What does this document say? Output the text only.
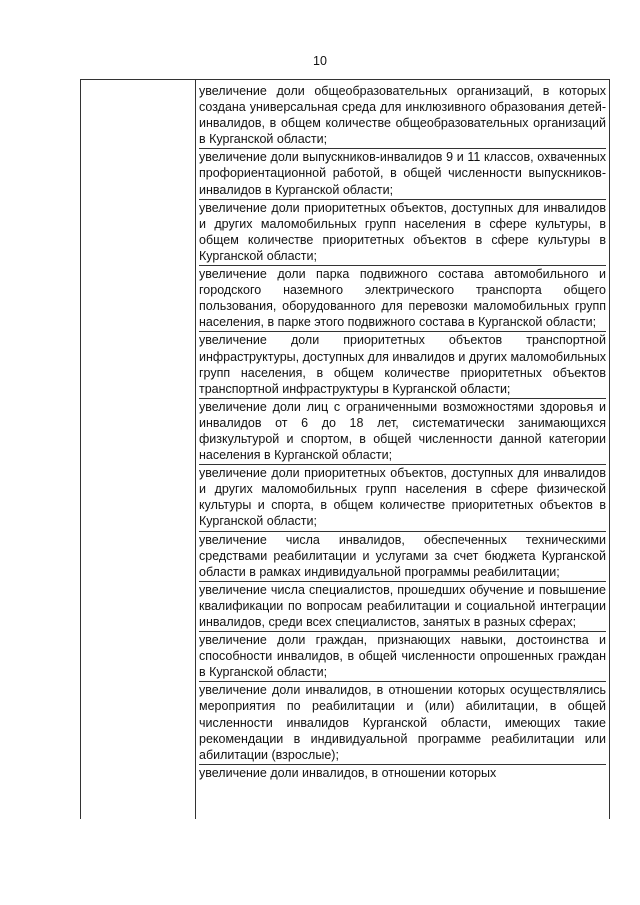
10
увеличение доли общеобразовательных организаций, в которых создана универсальная среда для инклюзивного образования детей-инвалидов, в общем количестве общеобразовательных организаций в Курганской области;
увеличение доли выпускников-инвалидов 9 и 11 классов, охваченных профориентационной работой, в общей численности выпускников-инвалидов в Курганской области;
увеличение доли приоритетных объектов, доступных для инвалидов и других маломобильных групп населения в сфере культуры, в общем количестве приоритетных объектов в сфере культуры в Курганской области;
увеличение доли парка подвижного состава автомобильного и городского наземного электрического транспорта общего пользования, оборудованного для перевозки маломобильных групп населения, в парке этого подвижного состава в Курганской области;
увеличение доли приоритетных объектов транспортной инфраструктуры, доступных для инвалидов и других маломобильных групп населения, в общем количестве приоритетных объектов транспортной инфраструктуры в Курганской области;
увеличение доли лиц с ограниченными возможностями здоровья и инвалидов от 6 до 18 лет, систематически занимающихся физкультурой и спортом, в общей численности данной категории населения в Курганской области;
увеличение доли приоритетных объектов, доступных для инвалидов и других маломобильных групп населения в сфере физической культуры и спорта, в общем количестве приоритетных объектов в Курганской области;
увеличение числа инвалидов, обеспеченных техническими средствами реабилитации и услугами за счет бюджета Курганской области в рамках индивидуальной программы реабилитации;
увеличение числа специалистов, прошедших обучение и повышение квалификации по вопросам реабилитации и социальной интеграции инвалидов, среди всех специалистов, занятых в разных сферах;
увеличение доли граждан, признающих навыки, достоинства и способности инвалидов, в общей численности опрошенных граждан в Курганской области;
увеличение доли инвалидов, в отношении которых осуществлялись мероприятия по реабилитации и (или) абилитации, в общей численности инвалидов Курганской области, имеющих такие рекомендации в индивидуальной программе реабилитации или абилитации (взрослые);
увеличение доли инвалидов, в отношении которых
